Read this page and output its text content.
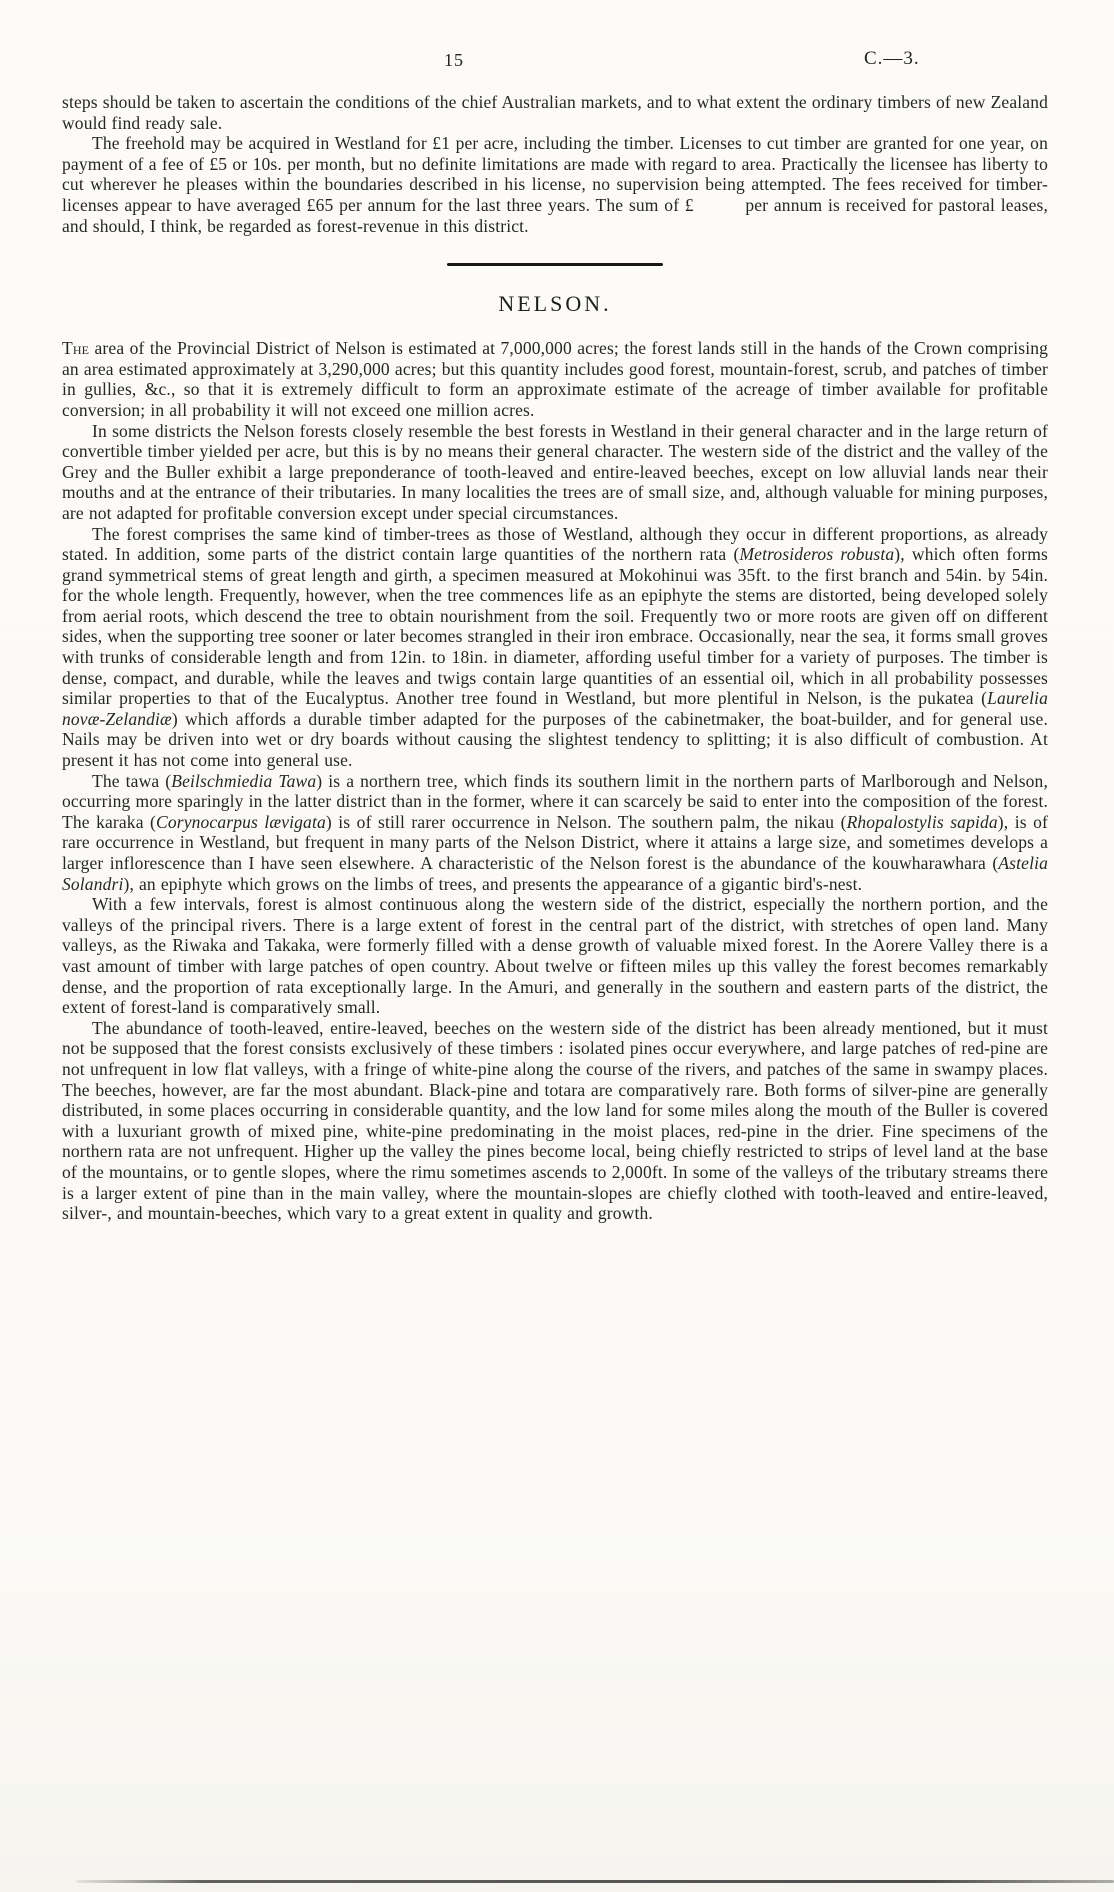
15	C.—3.

steps should be taken to ascertain the conditions of the chief Australian markets, and to what extent the ordinary timbers of new Zealand would find ready sale.

The freehold may be acquired in Westland for £1 per acre, including the timber. Licenses to cut timber are granted for one year, on payment of a fee of £5 or 10s. per month, but no definite limitations are made with regard to area. Practically the licensee has liberty to cut wherever he pleases within the boundaries described in his license, no supervision being attempted. The fees received for timber-licenses appear to have averaged £65 per annum for the last three years. The sum of £         per annum is received for pastoral leases, and should, I think, be regarded as forest-revenue in this district.

NELSON.

The area of the Provincial District of Nelson is estimated at 7,000,000 acres; the forest lands still in the hands of the Crown comprising an area estimated approximately at 3,290,000 acres; but this quantity includes good forest, mountain-forest, scrub, and patches of timber in gullies, &c., so that it is extremely difficult to form an approximate estimate of the acreage of timber available for profitable conversion; in all probability it will not exceed one million acres.

In some districts the Nelson forests closely resemble the best forests in Westland in their general character and in the large return of convertible timber yielded per acre, but this is by no means their general character. The western side of the district and the valley of the Grey and the Buller exhibit a large preponderance of tooth-leaved and entire-leaved beeches, except on low alluvial lands near their mouths and at the entrance of their tributaries. In many localities the trees are of small size, and, although valuable for mining purposes, are not adapted for profitable conversion except under special circumstances.

The forest comprises the same kind of timber-trees as those of Westland, although they occur in different proportions, as already stated. In addition, some parts of the district contain large quantities of the northern rata (Metrosideros robusta), which often forms grand symmetrical stems of great length and girth, a specimen measured at Mokohinui was 35ft. to the first branch and 54in. by 54in. for the whole length. Frequently, however, when the tree commences life as an epiphyte the stems are distorted, being developed solely from aerial roots, which descend the tree to obtain nourishment from the soil. Frequently two or more roots are given off on different sides, when the supporting tree sooner or later becomes strangled in their iron embrace. Occasionally, near the sea, it forms small groves with trunks of considerable length and from 12in. to 18in. in diameter, affording useful timber for a variety of purposes. The timber is dense, compact, and durable, while the leaves and twigs contain large quantities of an essential oil, which in all probability possesses similar properties to that of the Eucalyptus. Another tree found in Westland, but more plentiful in Nelson, is the pukatea (Laurelia novæ-Zelandiæ) which affords a durable timber adapted for the purposes of the cabinetmaker, the boat-builder, and for general use. Nails may be driven into wet or dry boards without causing the slightest tendency to splitting; it is also difficult of combustion. At present it has not come into general use.

The tawa (Beilschmiedia Tawa) is a northern tree, which finds its southern limit in the northern parts of Marlborough and Nelson, occurring more sparingly in the latter district than in the former, where it can scarcely be said to enter into the composition of the forest. The karaka (Corynocarpus lævigata) is of still rarer occurrence in Nelson. The southern palm, the nikau (Rhopalostylis sapida), is of rare occurrence in Westland, but frequent in many parts of the Nelson District, where it attains a large size, and sometimes develops a larger inflorescence than I have seen elsewhere. A characteristic of the Nelson forest is the abundance of the kouwharawhara (Astelia Solandri), an epiphyte which grows on the limbs of trees, and presents the appearance of a gigantic bird's-nest.

With a few intervals, forest is almost continuous along the western side of the district, especially the northern portion, and the valleys of the principal rivers. There is a large extent of forest in the central part of the district, with stretches of open land. Many valleys, as the Riwaka and Takaka, were formerly filled with a dense growth of valuable mixed forest. In the Aorere Valley there is a vast amount of timber with large patches of open country. About twelve or fifteen miles up this valley the forest becomes remarkably dense, and the proportion of rata exceptionally large. In the Amuri, and generally in the southern and eastern parts of the district, the extent of forest-land is comparatively small.

The abundance of tooth-leaved, entire-leaved, beeches on the western side of the district has been already mentioned, but it must not be supposed that the forest consists exclusively of these timbers : isolated pines occur everywhere, and large patches of red-pine are not unfrequent in low flat valleys, with a fringe of white-pine along the course of the rivers, and patches of the same in swampy places. The beeches, however, are far the most abundant. Black-pine and totara are comparatively rare. Both forms of silver-pine are generally distributed, in some places occurring in considerable quantity, and the low land for some miles along the mouth of the Buller is covered with a luxuriant growth of mixed pine, white-pine predominating in the moist places, red-pine in the drier. Fine specimens of the northern rata are not unfrequent. Higher up the valley the pines become local, being chiefly restricted to strips of level land at the base of the mountains, or to gentle slopes, where the rimu sometimes ascends to 2,000ft. In some of the valleys of the tributary streams there is a larger extent of pine than in the main valley, where the mountain-slopes are chiefly clothed with tooth-leaved and entire-leaved, silver-, and mountain-beeches, which vary to a great extent in quality and growth.
